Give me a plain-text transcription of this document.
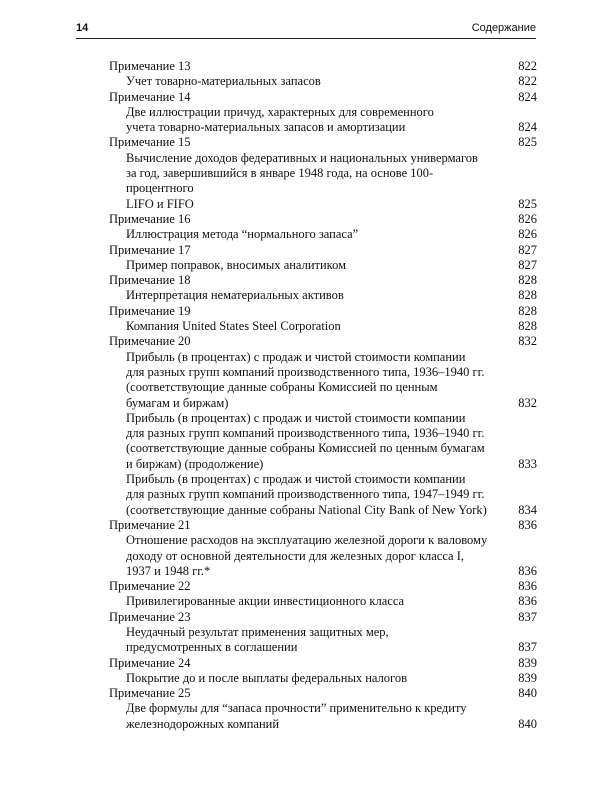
14	Содержание
Примечание 13	822
Учет товарно-материальных запасов	822
Примечание 14	824
Две иллюстрации причуд, характерных для современного
учета товарно-материальных запасов и амортизации	824
Примечание 15	825
Вычисление доходов федеративных и национальных универмагов
за год, завершившийся в январе 1948 года, на основе 100-процентного
LIFO и FIFO	825
Примечание 16	826
Иллюстрация метода “нормального запаса”	826
Примечание 17	827
Пример поправок, вносимых аналитиком	827
Примечание 18	828
Интерпретация нематериальных активов	828
Примечание 19	828
Компания United States Steel Corporation	828
Примечание 20	832
Прибыль (в процентах) с продаж и чистой стоимости компании
для разных групп компаний производственного типа, 1936–1940 гг.
(соответствующие данные собраны Комиссией по ценным
бумагам и биржам)	832
Прибыль (в процентах) с продаж и чистой стоимости компании
для разных групп компаний производственного типа, 1936–1940 гг.
(соответствующие данные собраны Комиссией по ценным бумагам
и биржам) (продолжение)	833
Прибыль (в процентах) с продаж и чистой стоимости компании
для разных групп компаний производственного типа, 1947–1949 гг.
(соответствующие данные собраны National City Bank of New York)	834
Примечание 21	836
Отношение расходов на эксплуатацию железной дороги к валовому
доходу от основной деятельности для железных дорог класса I,
1937 и 1948 гг.*	836
Примечание 22	836
Привилегированные акции инвестиционного класса	836
Примечание 23	837
Неудачный результат применения защитных мер,
предусмотренных в соглашении	837
Примечание 24	839
Покрытие до и после выплаты федеральных налогов	839
Примечание 25	840
Две формулы для “запаса прочности” применительно к кредиту
железнодорожных компаний	840
